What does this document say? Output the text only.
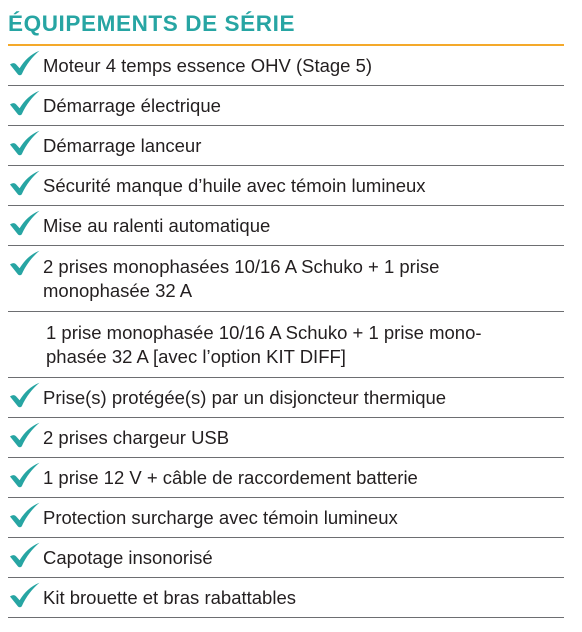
ÉQUIPEMENTS DE SÉRIE
Moteur 4 temps essence OHV (Stage 5)
Démarrage électrique
Démarrage lanceur
Sécurité manque d’huile avec témoin lumineux
Mise au ralenti automatique
2 prises monophasées 10/16 A Schuko + 1 prise
monophasée 32 A
1 prise monophasée 10/16 A Schuko + 1 prise mono-
phasée 32 A [avec l’option KIT DIFF]
Prise(s) protégée(s) par un disjoncteur thermique
2 prises chargeur USB
1 prise 12 V + câble de raccordement batterie
Protection surcharge avec témoin lumineux
Capotage insonorisé
Kit brouette et bras rabattables
